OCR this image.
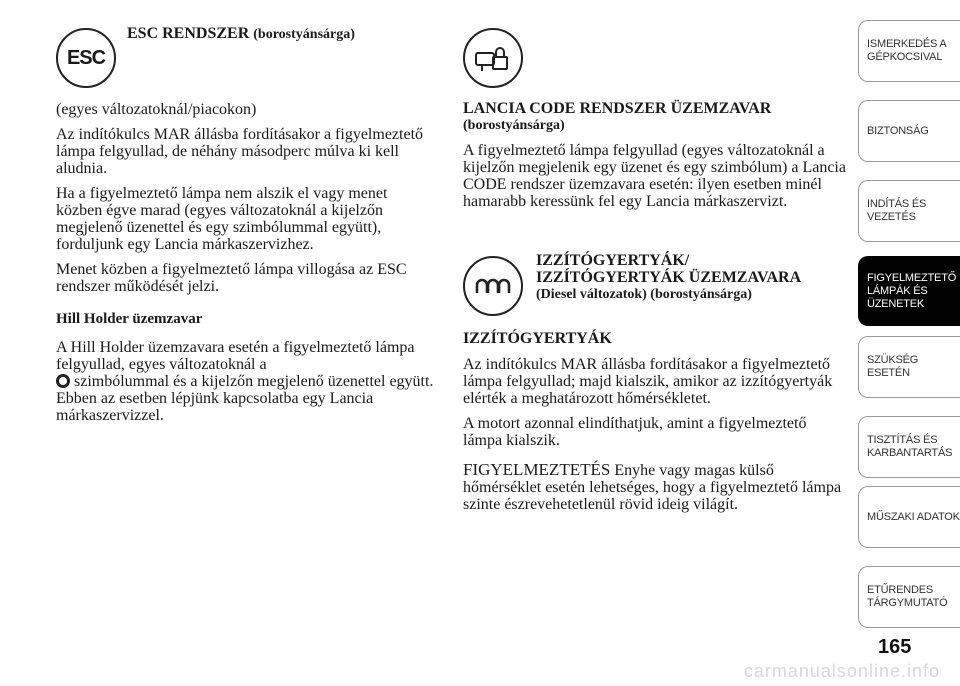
ESC
ESC RENDSZER (borostyánsárga)

(egyes változatoknál/piacokon)

Az indítókulcs MAR állásba fordításakor a figyelmeztető lámpa felgyullad, de néhány másodperc múlva ki kell aludnia.

Ha a figyelmeztető lámpa nem alszik el vagy menet közben égve marad (egyes változatoknál a kijelzőn megjelenő üzenettel és egy szimbólummal együtt), forduljunk egy Lancia márkaszervizhez.

Menet közben a figyelmeztető lámpa villogása az ESC rendszer működését jelzi.

Hill Holder üzemzavar

A Hill Holder üzemzavara esetén a figyelmeztető lámpa felgyullad, egyes változatoknál a

szimbólummal és a kijelzőn megjelenő üzenettel együtt. Ebben az esetben lépjünk kapcsolatba egy Lancia márkaszervizzel.

LANCIA CODE RENDSZER ÜZEMZAVAR
(borostyánsárga)

A figyelmeztető lámpa felgyullad (egyes változatoknál a kijelzőn megjelenik egy üzenet és egy szimbólum) a Lancia CODE rendszer üzemzavara esetén: ilyen esetben minél hamarabb keressünk fel egy Lancia márkaszervizt.

IZZÍTÓGYERTYÁK/
IZZÍTÓGYERTYÁK ÜZEMZAVARA
(Diesel változatok) (borostyánsárga)
IZZÍTÓGYERTYÁK

Az indítókulcs MAR állásba fordításakor a figyelmeztető lámpa felgyullad; majd kialszik, amikor az izzítógyertyák elérték a meghatározott hőmérsékletet.

A motort azonnal elindíthatjuk, amint a figyelmeztető lámpa kialszik.

FIGYELMEZTETÉS Enyhe vagy magas külső hőmérséklet esetén lehetséges, hogy a figyelmeztető lámpa szinte észrevehetetlenül rövid ideig világít.

ISMERKEDÉS A
GÉPKOCSIVAL
BIZTONSÁG
INDÍTÁS ÉS
VEZETÉS
FIGYELMEZTETŐ
LÁMPÁK ÉS
ÜZENETEK
SZÜKSÉG ESETÉN
TISZTÍTÁS ÉS
KARBANTARTÁS
MŰSZAKI ADATOK
ETŰRENDES
TÁRGYMUTATÓ
165
carmanualsonline.info
